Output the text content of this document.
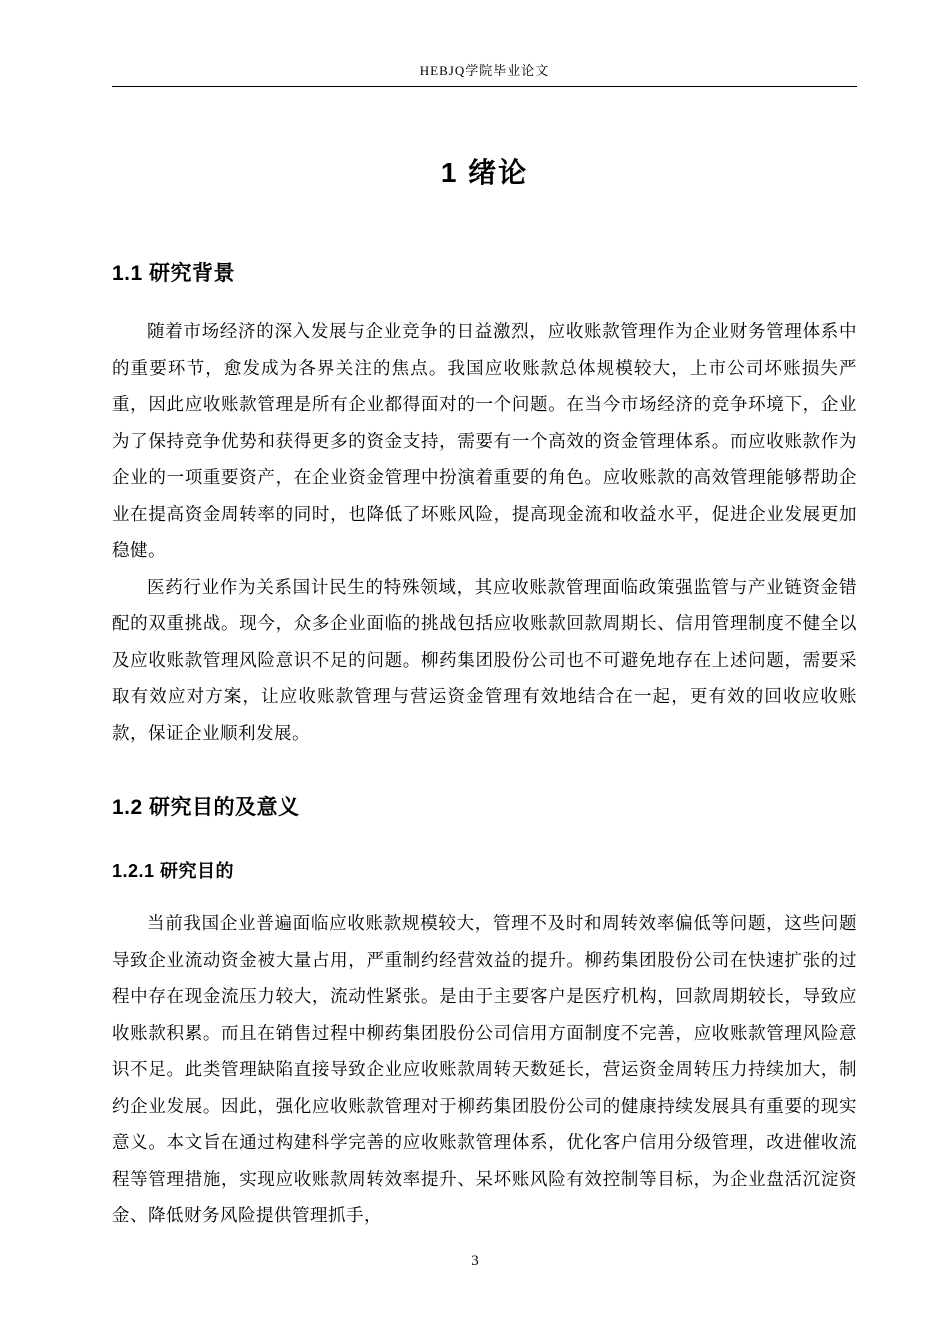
HEBJQ学院毕业论文
1 绪论
1.1 研究背景

随着市场经济的深入发展与企业竞争的日益激烈，应收账款管理作为企业财务管理体系中的重要环节，愈发成为各界关注的焦点。我国应收账款总体规模较大，上市公司坏账损失严重，因此应收账款管理是所有企业都得面对的一个问题。在当今市场经济的竞争环境下，企业为了保持竞争优势和获得更多的资金支持，需要有一个高效的资金管理体系。而应收账款作为企业的一项重要资产，在企业资金管理中扮演着重要的角色。应收账款的高效管理能够帮助企业在提高资金周转率的同时，也降低了坏账风险，提高现金流和收益水平，促进企业发展更加稳健。

医药行业作为关系国计民生的特殊领域，其应收账款管理面临政策强监管与产业链资金错配的双重挑战。现今，众多企业面临的挑战包括应收账款回款周期长、信用管理制度不健全以及应收账款管理风险意识不足的问题。柳药集团股份公司也不可避免地存在上述问题，需要采取有效应对方案，让应收账款管理与营运资金管理有效地结合在一起，更有效的回收应收账款，保证企业顺利发展。

1.2 研究目的及意义
1.2.1 研究目的

当前我国企业普遍面临应收账款规模较大，管理不及时和周转效率偏低等问题，这些问题导致企业流动资金被大量占用，严重制约经营效益的提升。柳药集团股份公司在快速扩张的过程中存在现金流压力较大，流动性紧张。是由于主要客户是医疗机构，回款周期较长，导致应收账款积累。而且在销售过程中柳药集团股份公司信用方面制度不完善，应收账款管理风险意识不足。此类管理缺陷直接导致企业应收账款周转天数延长，营运资金周转压力持续加大，制约企业发展。因此，强化应收账款管理对于柳药集团股份公司的健康持续发展具有重要的现实意义。本文旨在通过构建科学完善的应收账款管理体系，优化客户信用分级管理，改进催收流程等管理措施，实现应收账款周转效率提升、呆坏账风险有效控制等目标，为企业盘活沉淀资金、降低财务风险提供管理抓手，

3
